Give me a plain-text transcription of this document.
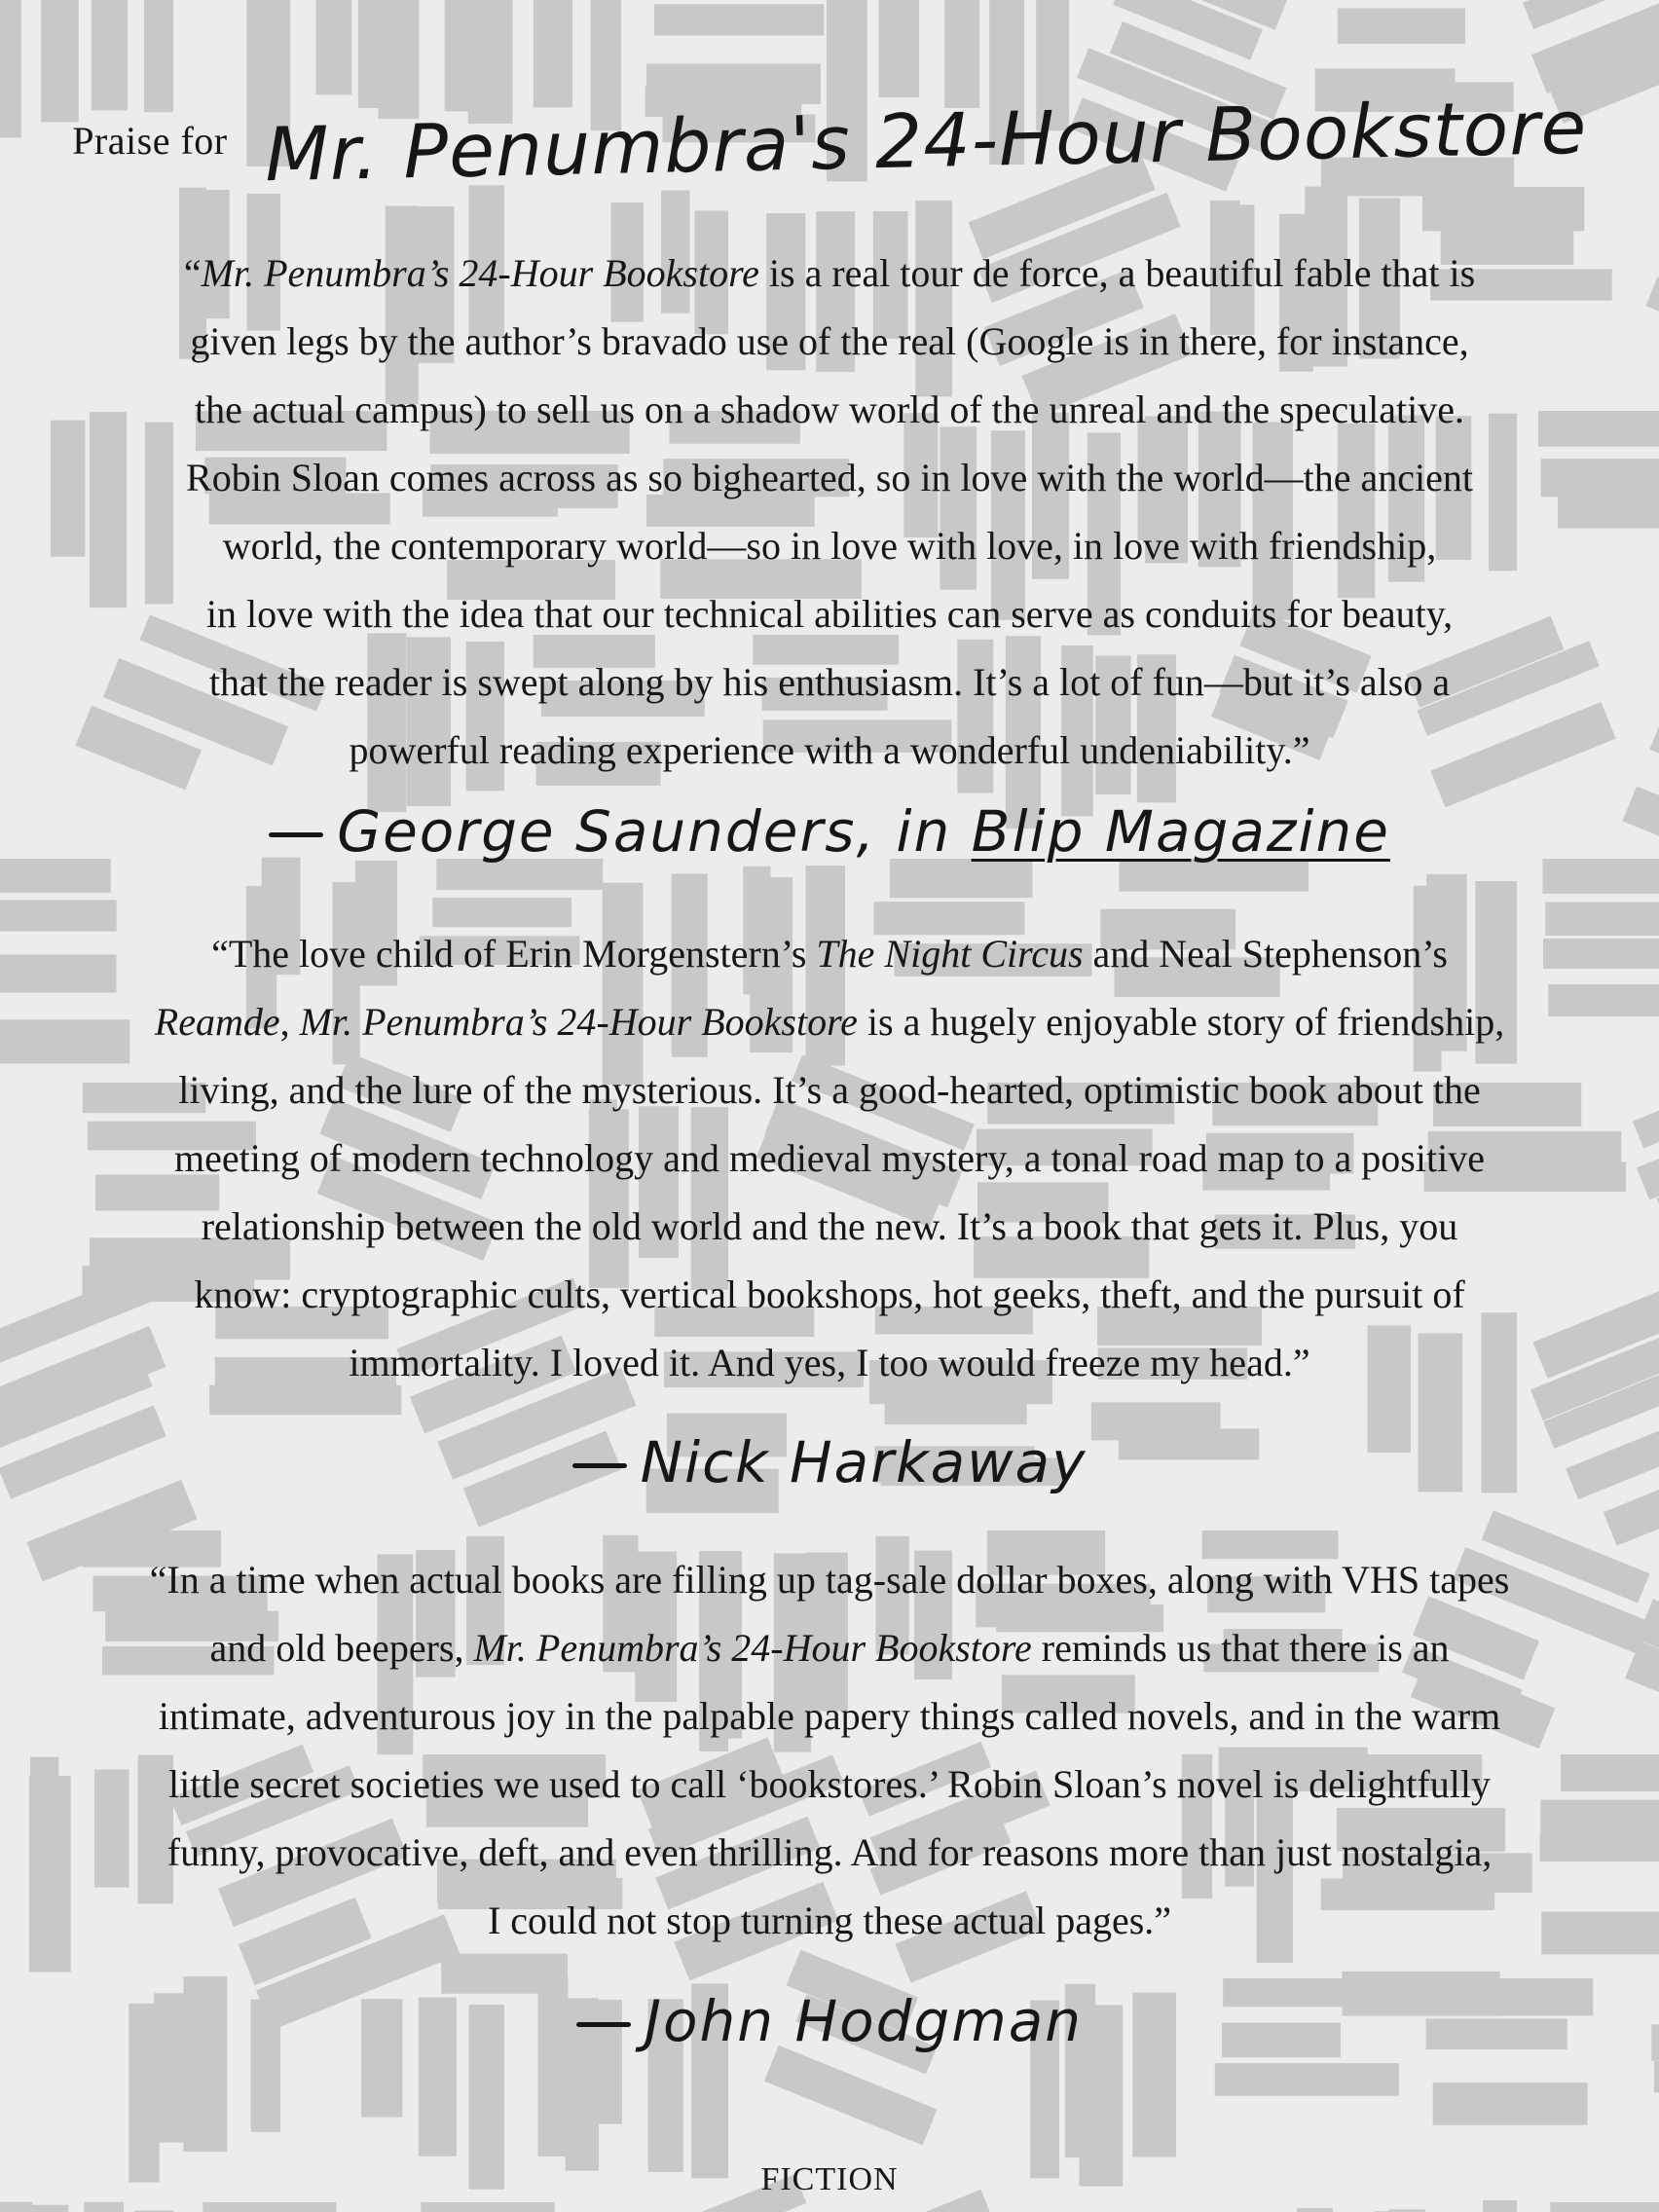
Praise for Mr. Penumbra's 24-Hour Bookstore

“Mr. Penumbra’s 24-Hour Bookstore is a real tour de force, a beautiful fable that is
given legs by the author’s bravado use of the real (Google is in there, for instance,
the actual campus) to sell us on a shadow world of the unreal and the speculative.
Robin Sloan comes across as so bighearted, so in love with the world—the ancient
world, the contemporary world—so in love with love, in love with friendship,
in love with the idea that our technical abilities can serve as conduits for beauty,
that the reader is swept along by his enthusiasm. It’s a lot of fun—but it’s also a
powerful reading experience with a wonderful undeniability.”

George Saunders, in Blip Magazine

“The love child of Erin Morgenstern’s The Night Circus and Neal Stephenson’s
Reamde, Mr. Penumbra’s 24-Hour Bookstore is a hugely enjoyable story of friendship,
living, and the lure of the mysterious. It’s a good-hearted, optimistic book about the
meeting of modern technology and medieval mystery, a tonal road map to a positive
relationship between the old world and the new. It’s a book that gets it. Plus, you
know: cryptographic cults, vertical bookshops, hot geeks, theft, and the pursuit of
immortality. I loved it. And yes, I too would freeze my head.”

Nick Harkaway

“In a time when actual books are filling up tag-sale dollar boxes, along with VHS tapes
and old beepers, Mr. Penumbra’s 24-Hour Bookstore reminds us that there is an
intimate, adventurous joy in the palpable papery things called novels, and in the warm
little secret societies we used to call ‘bookstores.’ Robin Sloan’s novel is delightfully
funny, provocative, deft, and even thrilling. And for reasons more than just nostalgia,
I could not stop turning these actual pages.”

John Hodgman
FICTION
